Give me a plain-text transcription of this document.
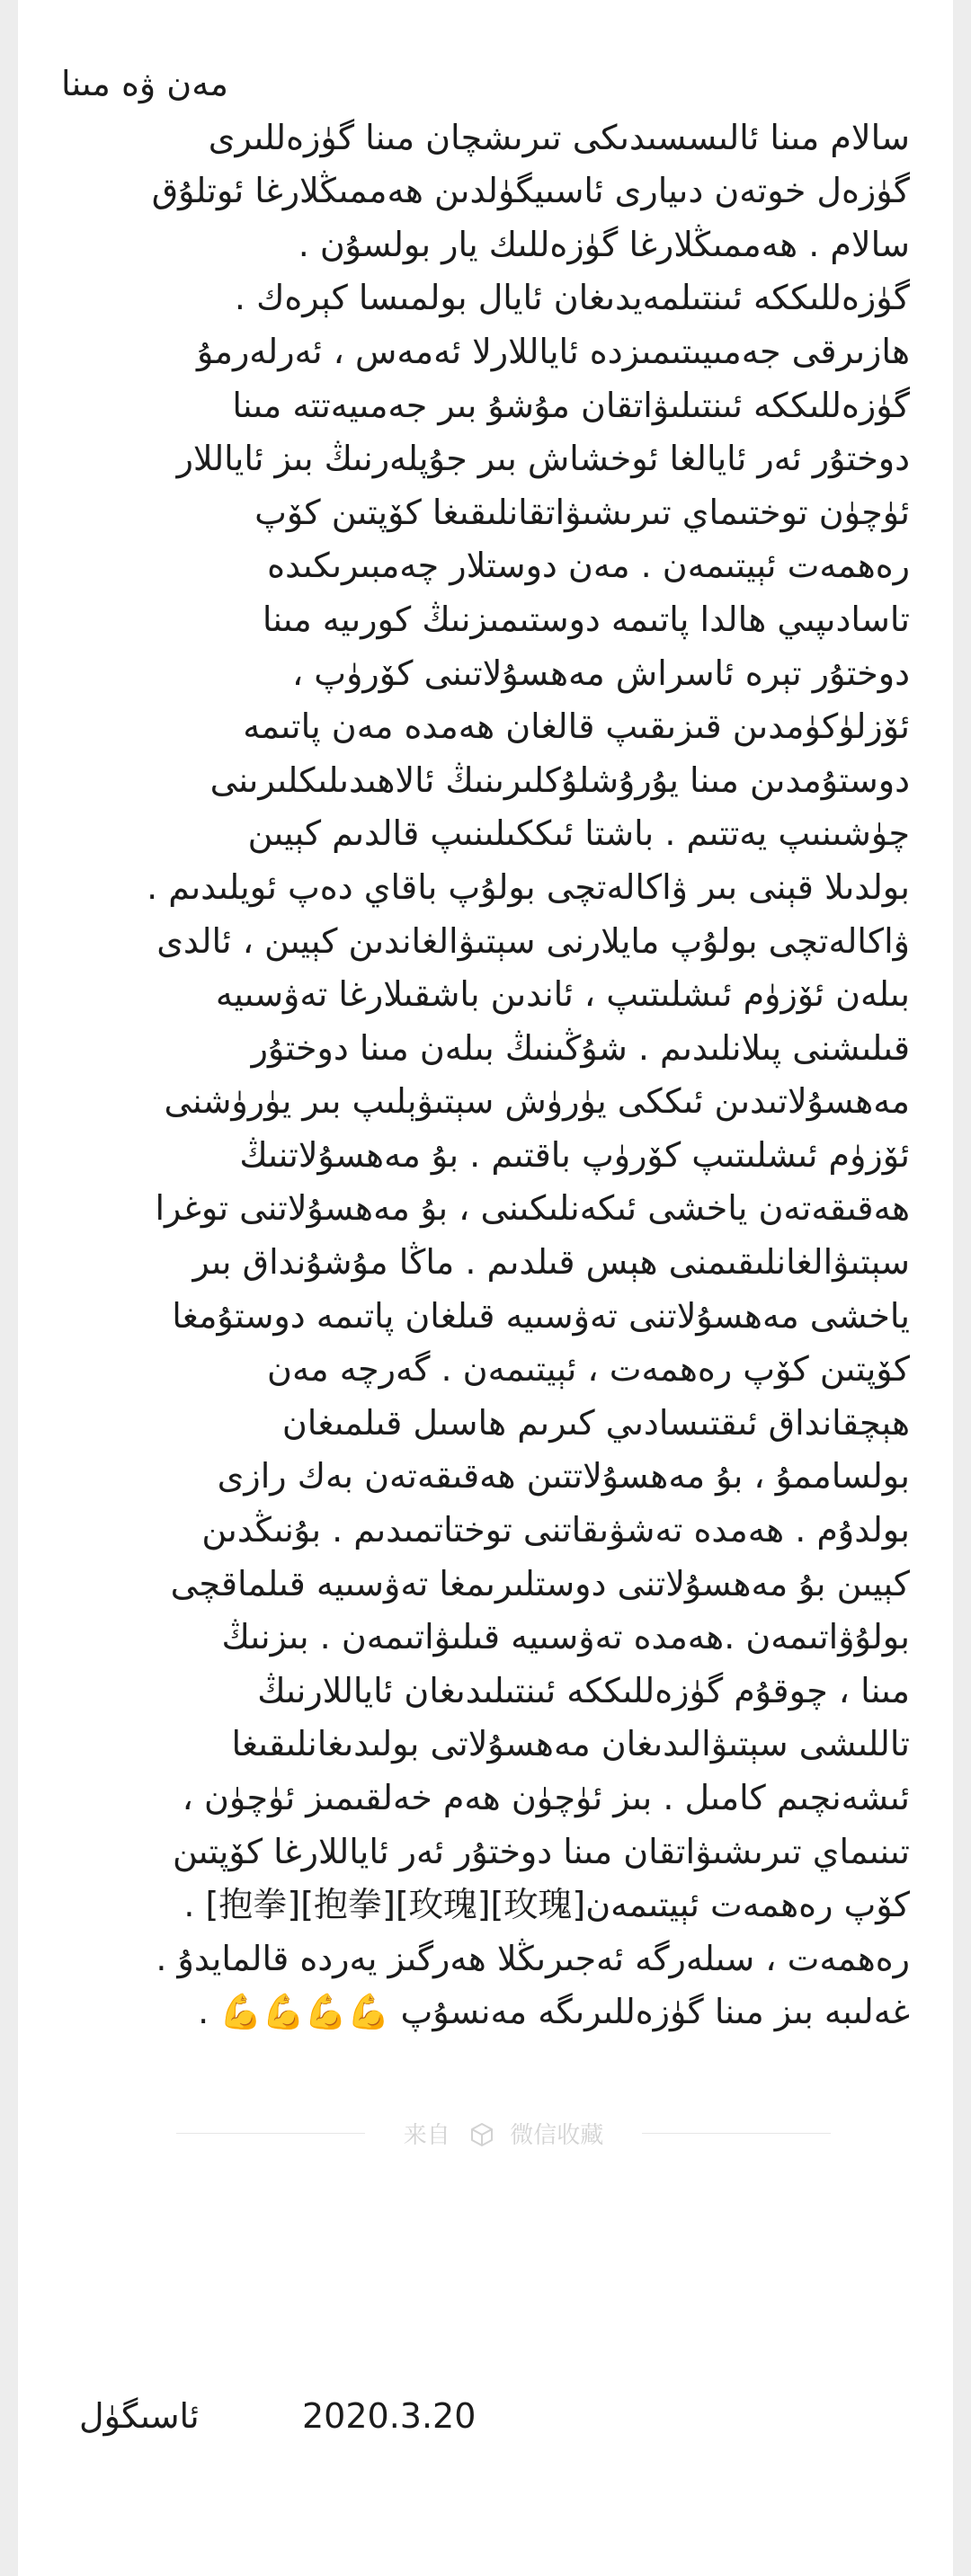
مەن ۋە مىنا
سالام مىنا ئالىسسىدىكى تىرىشچان مىنا گۈزەللىرى
گۈزەل خوتەن دىيارى ئاسىيگۈلدىن ھەممىڭلارغا ئوتلۇق
سالام . ھەممىڭلارغا گۈزەللىك يار بولسۇن .
گۈزەللىككە ئىنتىلمەيدىغان ئايال بولمىسا كېرەك .
ھازىرقى جەمىيىتىمىزدە ئاياللارلا ئەمەس ، ئەرلەرمۇ
گۈزەللىككە ئىنتىلىۋاتقان مۇشۇ بىر جەمىيەتتە مىنا
دوختۇر ئەر ئايالغا ئوخشاش بىر جۇپلەرنىڭ بىز ئاياللار
ئۈچۈن توختىماي تىرىشىۋاتقانلىقىغا كۆپتىن كۆپ
رەھمەت ئېيتىمەن . مەن دوستلار چەمبىرىكىدە
تاسادىپىي ھالدا پاتىمە دوستىمىزنىڭ كورىيە مىنا
دوختۇر تېرە ئاسراش مەھسۇلاتىنى كۆرۈپ ،
ئۆزلۈكۈمدىن قىزىقىپ قالغان ھەمدە مەن پاتىمە
دوستۇمدىن مىنا يۇرۇشلۇكلىرىنىڭ ئالاھىدىلىكلىرىنى
چۈشىنىپ يەتتىم . باشتا ئىككىلىنىپ قالدىم كېيىن
بولدىلا قېنى بىر ۋاكالەتچى بولۇپ باقاي دەپ ئويلىدىم .
ۋاكالەتچى بولۇپ مايلارنى سېتىۋالغاندىن كېيىن ، ئالدى
بىلەن ئۆزۈم ئىشلىتىپ ، ئاندىن باشقىلارغا تەۋسىيە
قىلىشنى پىلانلىدىم . شۇڭىنىڭ بىلەن مىنا دوختۇر
مەھسۇلاتىدىن ئىككى يۈرۈش سېتىۋېلىپ بىر يۈرۈشنى
ئۆزۈم ئىشلىتىپ كۆرۈپ باقتىم . بۇ مەھسۇلاتنىڭ
ھەقىقەتەن ياخشى ئىكەنلىكىنى ، بۇ مەھسۇلاتنى توغرا
سېتىۋالغانلىقىمنى ھېس قىلدىم . ماڭا مۇشۇنداق بىر
ياخشى مەھسۇلاتنى تەۋسىيە قىلغان پاتىمە دوستۇمغا
كۆپتىن كۆپ رەھمەت ، ئېيتىمەن . گەرچە مەن
ھېچقانداق ئىقتىسادىي كىرىم ھاسىل قىلمىغان
بولساممۇ ، بۇ مەھسۇلاتتىن ھەقىقەتەن بەك رازى
بولدۇم . ھەمدە تەشۋىقاتنى توختاتمىدىم . بۇنىڭدىن
كېيىن بۇ مەھسۇلاتنى دوستلىرىمغا تەۋسىيە قىلماقچى
بولۇۋاتىمەن .ھەمدە تەۋسىيە قىلىۋاتىمەن . بىزنىڭ
مىنا ، چوقۇم گۈزەللىككە ئىنتىلىدىغان ئاياللارنىڭ
تاللىشى سېتىۋالىدىغان مەھسۇلاتى بولىدىغانلىقىغا
ئىشەنچىم كامىل . بىز ئۈچۈن ھەم خەلقىمىز ئۈچۈن ،
تىنىماي تىرىشىۋاتقان مىنا دوختۇر ئەر ئاياللارغا كۆپتىن
كۆپ رەھمەت ئېيتىمەن[玫瑰][玫瑰][抱拳][抱拳] .
رەھمەت ، سىلەرگە ئەجىرىڭلا ھەرگىز يەردە قالمايدۇ .
غەلىبە بىز مىنا گۈزەللىرىگە مەنسۇپ 💪💪💪💪 .
ئاسىگۈل	2020.3.20
来自	微信收藏
